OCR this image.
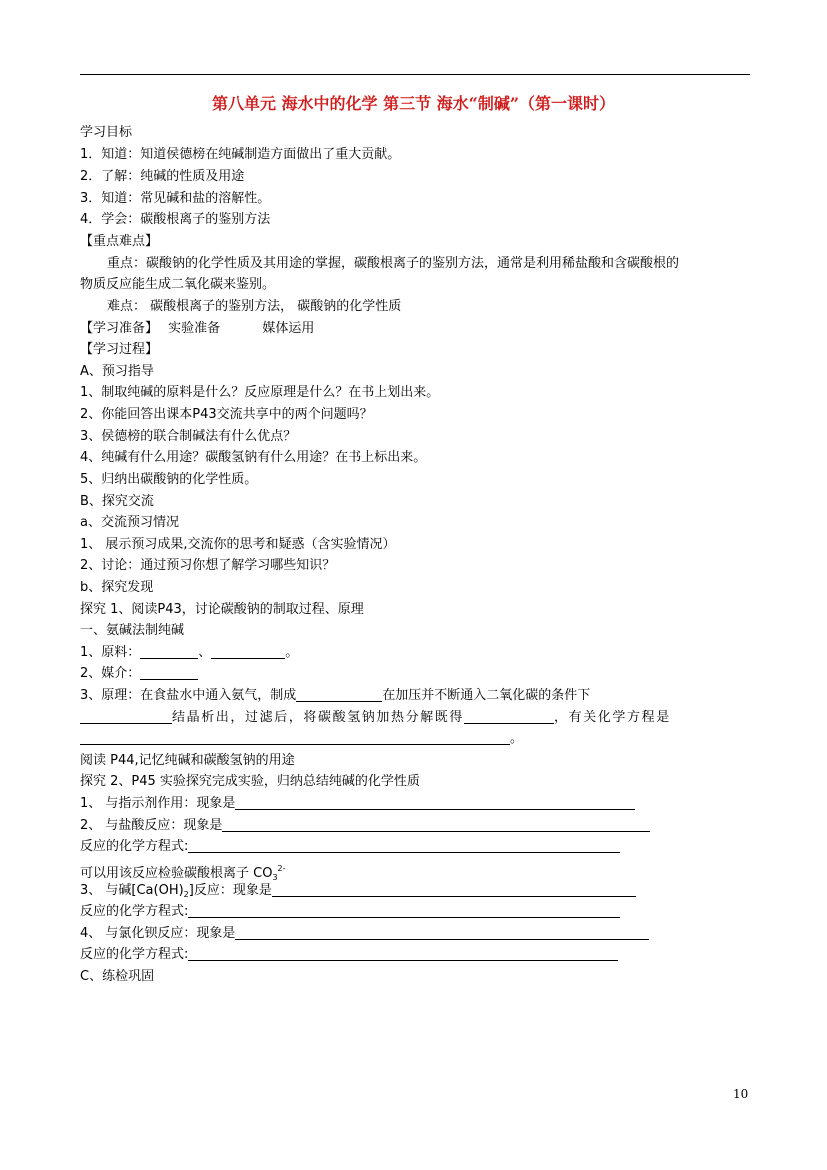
第八单元 海水中的化学 第三节 海水“制碱”（第一课时）
学习目标
1．知道：知道侯德榜在纯碱制造方面做出了重大贡献。
2．了解：纯碱的性质及用途
3．知道：常见碱和盐的溶解性。
4．学会：碳酸根离子的鉴别方法
【重点难点】
重点：碳酸钠的化学性质及其用途的掌握，碳酸根离子的鉴别方法，通常是利用稀盐酸和含碳酸根的
物质反应能生成二氧化碳来鉴别。
难点： 碳酸根离子的鉴别方法， 碳酸钠的化学性质
【学习准备】 实验准备	媒体运用
【学习过程】
A、预习指导
1、制取纯碱的原料是什么？反应原理是什么？在书上划出来。
2、你能回答出课本P43交流共享中的两个问题吗？
3、侯德榜的联合制碱法有什么优点？
4、纯碱有什么用途？碳酸氢钠有什么用途？在书上标出来。
5、归纳出碳酸钠的化学性质。
B、探究交流
a、交流预习情况
1、 展示预习成果,交流你的思考和疑惑（含实验情况）
2、讨论：通过预习你想了解学习哪些知识？
b、探究发现
探究 1、阅读P43，讨论碳酸钠的制取过程、原理
一、氨碱法制纯碱
1、原料：	、	。
2、媒介：
3、原理：在食盐水中通入氨气，制成	在加压并不断通入二氧化碳的条件下
结晶析出，过滤后，将碳酸氢钠加热分解既得	，有关化学方程是
。
阅读 P44,记忆纯碱和碳酸氢钠的用途
探究 2、P45 实验探究完成实验，归纳总结纯碱的化学性质
1、 与指示剂作用：现象是
2、 与盐酸反应：现象是
反应的化学方程式:
可以用该反应检验碳酸根离子 $CO_3^{2-}$
3、 与碱$[Ca(OH)_2]$反应：现象是
反应的化学方程式:
4、 与氯化钡反应：现象是
反应的化学方程式:
C、练检巩固
10
